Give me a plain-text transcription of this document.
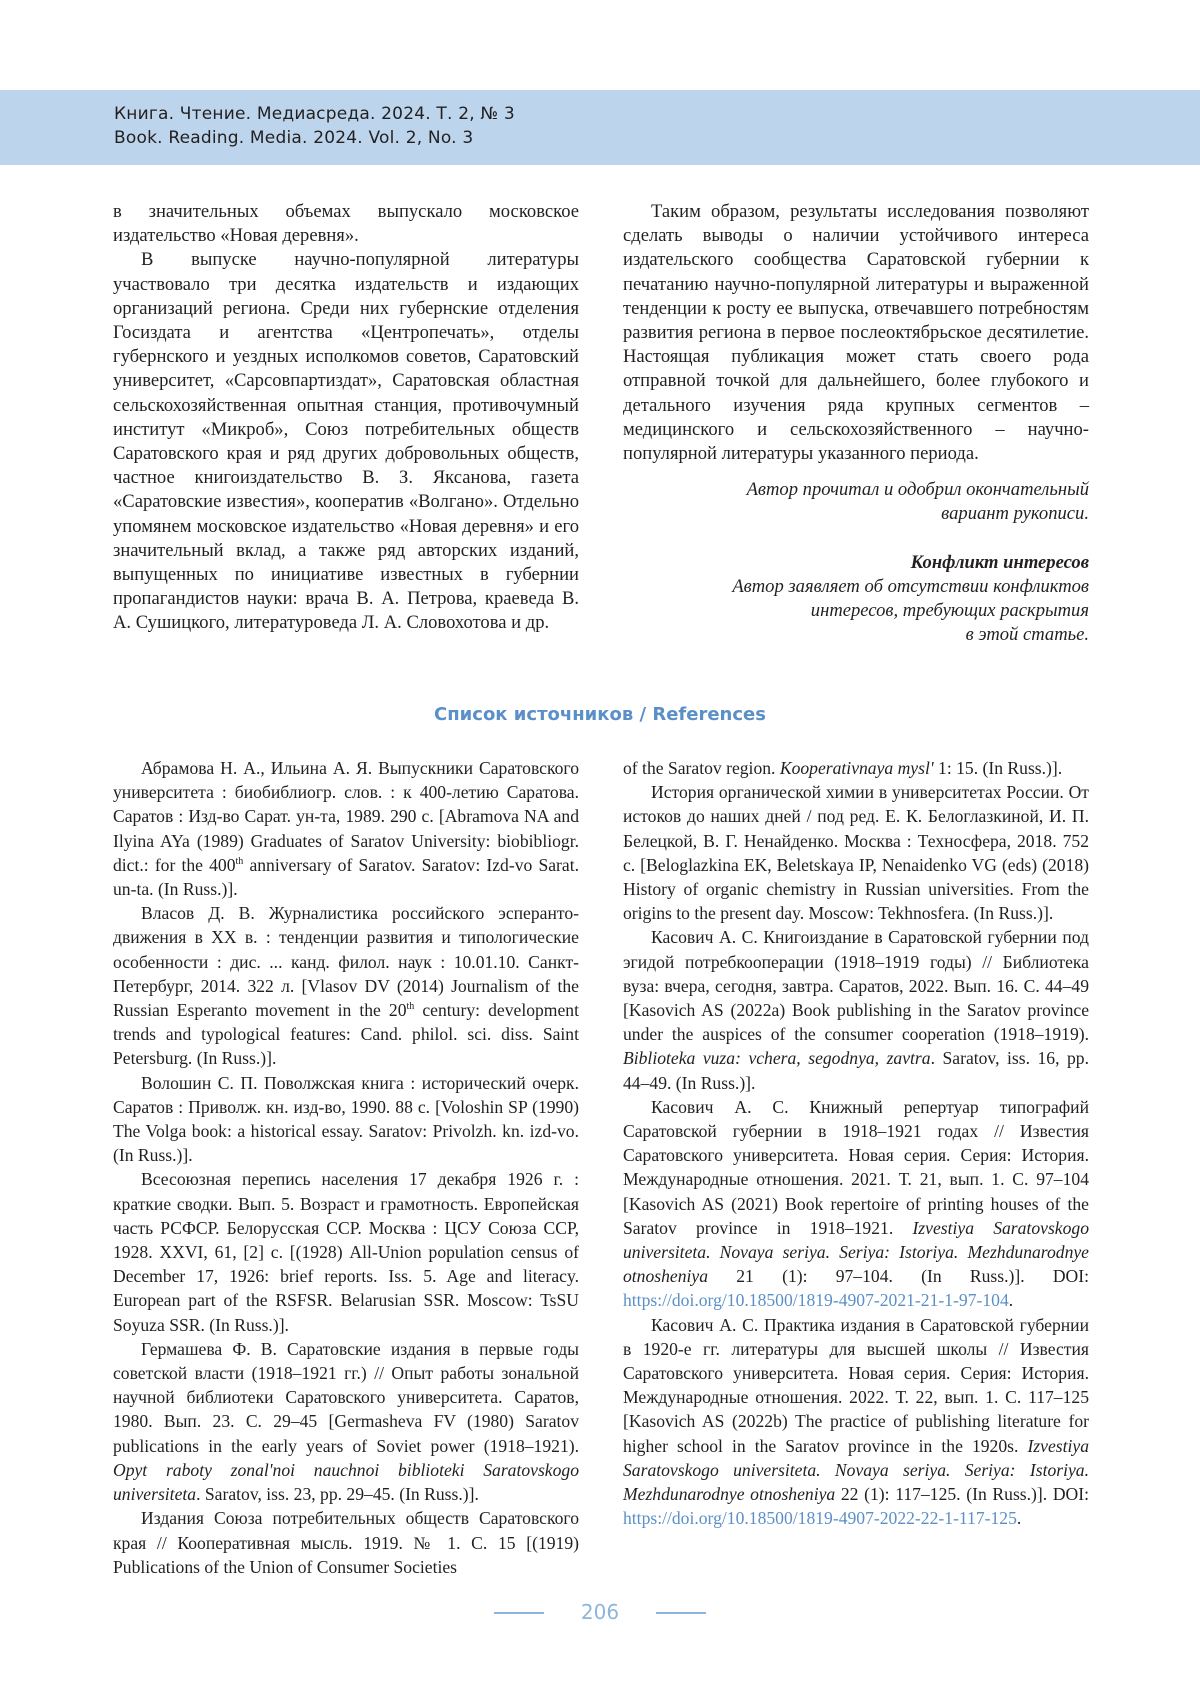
Книга. Чтение. Медиасреда. 2024. Т. 2, № 3
Book. Reading. Media. 2024. Vol. 2, No. 3

в значительных объемах выпускало московское издательство «Новая деревня».

В выпуске научно-популярной литературы участвовало три десятка издательств и издающих организаций региона. Среди них губернские отделения Госиздата и агентства «Центропечать», отделы губернского и уездных исполкомов советов, Саратовский университет, «Сарсовпартиздат», Саратовская областная сельскохозяйственная опытная станция, противочумный институт «Микроб», Союз потребительных обществ Саратовского края и ряд других добровольных обществ, частное книгоиздательство В. З. Яксанова, газета «Саратовские известия», кооператив «Волгано». Отдельно упомянем московское издательство «Новая деревня» и его значительный вклад, а также ряд авторских изданий, выпущенных по инициативе известных в губернии пропагандистов науки: врача В. А. Петрова, краеведа В. А. Сушицкого, литературоведа Л. А. Словохотова и др.

Таким образом, результаты исследования позволяют сделать выводы о наличии устойчивого интереса издательского сообщества Саратовской губернии к печатанию научно-популярной литературы и выраженной тенденции к росту ее выпуска, отвечавшего потребностям развития региона в первое послеоктябрьское десятилетие. Настоящая публикация может стать своего рода отправной точкой для дальнейшего, более глубокого и детального изучения ряда крупных сегментов – медицинского и сельскохозяйственного – научно-популярной литературы указанного периода.

Автор прочитал и одобрил окончательный

вариант рукописи.

Конфликт интересов

Автор заявляет об отсутствии конфликтов

интересов, требующих раскрытия

в этой статье.

Список источников / References

Абрамова Н. А., Ильина А. Я. Выпускники Саратовского университета : биобиблиогр. слов. : к 400-летию Саратова. Саратов : Изд-во Сарат. ун-та, 1989. 290 с. [Abramova NA and Ilyina AYa (1989) Graduates of Saratov University: biobibliogr. dict.: for the 400th anniversary of Saratov. Saratov: Izd-vo Sarat. un-ta. (In Russ.)].

Власов Д. В. Журналистика российского эсперанто-движения в XX в. : тенденции развития и типологические особенности : дис. ... канд. филол. наук : 10.01.10. Санкт-Петербург, 2014. 322 л. [Vlasov DV (2014) Journalism of the Russian Esperanto movement in the 20th century: development trends and typological features: Cand. philol. sci. diss. Saint Petersburg. (In Russ.)].

Волошин С. П. Поволжская книга : исторический очерк. Саратов : Приволж. кн. изд-во, 1990. 88 с. [Voloshin SP (1990) The Volga book: a historical essay. Saratov: Privolzh. kn. izd-vo. (In Russ.)].

Всесоюзная перепись населения 17 декабря 1926 г. : краткие сводки. Вып. 5. Возраст и грамотность. Европейская часть РСФСР. Белорусская ССР. Москва : ЦСУ Союза ССР, 1928. XXVI, 61, [2] с. [(1928) All-Union population census of December 17, 1926: brief reports. Iss. 5. Age and literacy. European part of the RSFSR. Belarusian SSR. Moscow: TsSU Soyuza SSR. (In Russ.)].

Гермашева Ф. В. Саратовские издания в первые годы советской власти (1918–1921 гг.) // Опыт работы зональной научной библиотеки Саратовского университета. Саратов, 1980. Вып. 23. С. 29–45 [Germasheva FV (1980) Saratov publications in the early years of Soviet power (1918–1921). Opyt raboty zonal'noi nauchnoi biblioteki Saratovskogo universiteta. Saratov, iss. 23, pp. 29–45. (In Russ.)].

Издания Союза потребительных обществ Саратовского края // Кооперативная мысль. 1919. № 1. С. 15 [(1919) Publications of the Union of Consumer Societies

of the Saratov region. Kooperativnaya mysl' 1: 15. (In Russ.)].

История органической химии в университетах России. От истоков до наших дней / под ред. Е. К. Белоглазкиной, И. П. Белецкой, В. Г. Ненайденко. Москва : Техносфера, 2018. 752 с. [Beloglazkina EK, Beletskaya IP, Nenaidenko VG (eds) (2018) History of organic chemistry in Russian universities. From the origins to the present day. Moscow: Tekhnosfera. (In Russ.)].

Касович А. С. Книгоиздание в Саратовской губернии под эгидой потребкооперации (1918–1919 годы) // Библиотека вуза: вчера, сегодня, завтра. Саратов, 2022. Вып. 16. С. 44–49 [Kasovich AS (2022a) Book publishing in the Saratov province under the auspices of the consumer cooperation (1918–1919). Biblioteka vuza: vchera, segodnya, zavtra. Saratov, iss. 16, pp. 44–49. (In Russ.)].

Касович А. С. Книжный репертуар типографий Саратовской губернии в 1918–1921 годах // Известия Саратовского университета. Новая серия. Серия: История. Международные отношения. 2021. Т. 21, вып. 1. С. 97–104 [Kasovich AS (2021) Book repertoire of printing houses of the Saratov province in 1918–1921. Izvestiya Saratovskogo universiteta. Novaya seriya. Seriya: Istoriya. Mezhdunarodnye otnosheniya 21 (1): 97–104. (In Russ.)]. DOI: https://doi.org/10.18500/1819-4907-2021-21-1-97-104.

Касович А. С. Практика издания в Саратовской губернии в 1920-е гг. литературы для высшей школы // Известия Саратовского университета. Новая серия. Серия: История. Международные отношения. 2022. Т. 22, вып. 1. С. 117–125 [Kasovich AS (2022b) The practice of publishing literature for higher school in the Saratov province in the 1920s. Izvestiya Saratovskogo universiteta. Novaya seriya. Seriya: Istoriya. Mezhdunarodnye otnosheniya 22 (1): 117–125. (In Russ.)]. DOI: https://doi.org/10.18500/1819-4907-2022-22-1-117-125.

206
